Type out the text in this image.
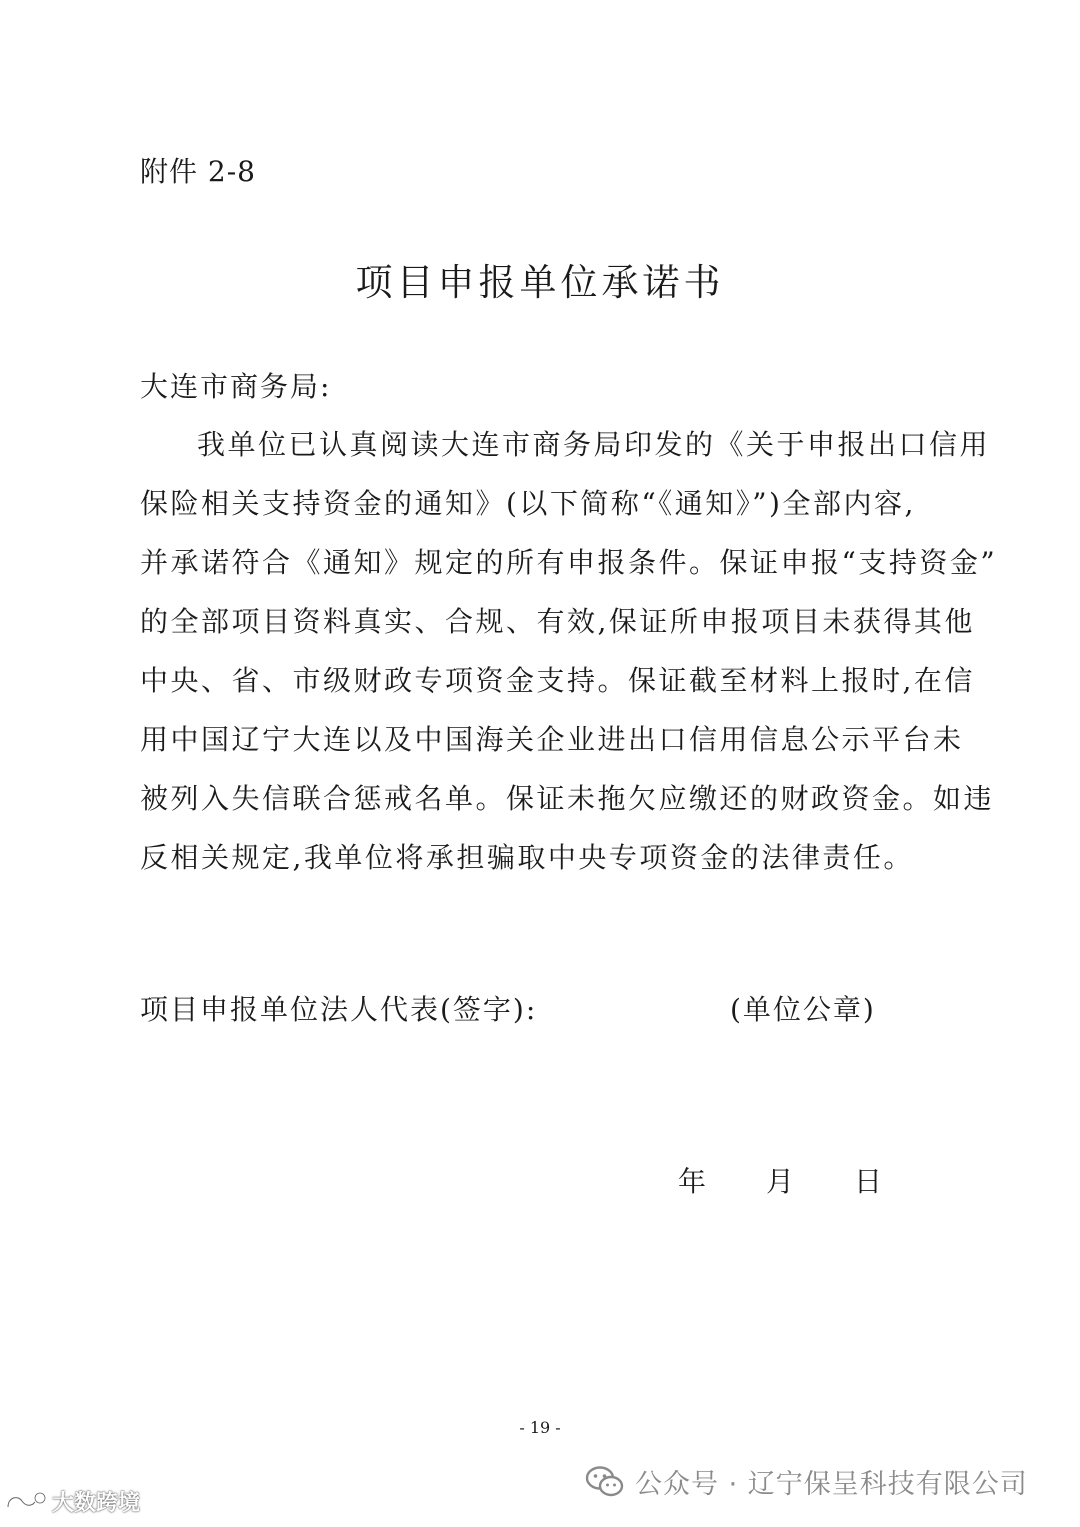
附件 2-8
项目申报单位承诺书
大连市商务局:
我单位已认真阅读大连市商务局印发的《关于申报出口信用
保险相关支持资金的通知》(以下简称“《通知》”)全部内容,
并承诺符合《通知》规定的所有申报条件。保证申报“支持资金”
的全部项目资料真实、合规、有效,保证所申报项目未获得其他
中央、省、市级财政专项资金支持。保证截至材料上报时,在信
用中国辽宁大连以及中国海关企业进出口信用信息公示平台未
被列入失信联合惩戒名单。保证未拖欠应缴还的财政资金。如违
反相关规定,我单位将承担骗取中央专项资金的法律责任。
项目申报单位法人代表(签字):	(单位公章)
年 月 日
- 19 -
公众号 · 辽宁保呈科技有限公司
大数跨境
